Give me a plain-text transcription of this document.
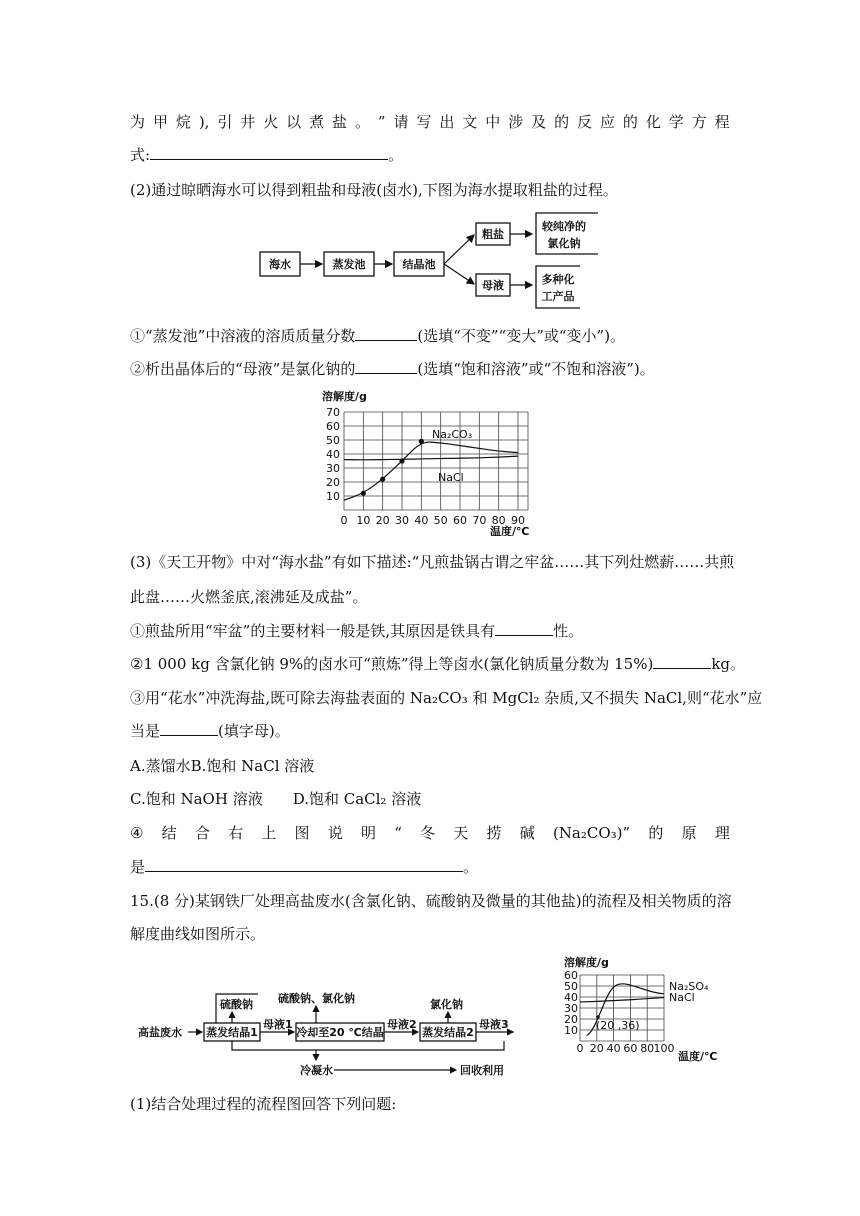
为 甲 烷 ), 引 井 火 以 煮 盐 。 ” 请 写 出 文 中 涉 及 的 反 应 的 化 学 方 程
式:	。
(2)通过晾晒海水可以得到粗盐和母液(卤水),下图为海水提取粗盐的过程。
海水	蒸发池	结晶池
粗盐
母液
较纯净的
氯化钠
多种化
工产品
①“蒸发池”中溶液的溶质质量分数	(选填“不变”“变大”或“变小”)。
②析出晶体后的“母液”是氯化钠的	(选填“饱和溶液”或“不饱和溶液”)。
溶解度/g
0 10 20 30 40 50 60 70 80 90
10
20
30
40
50
60
70
Na₂CO₃
NaCl
温度/℃
(3)《天工开物》中对“海水盐”有如下描述:“凡煎盐锅古谓之牢盆……其下列灶燃薪……共煎
此盘……火燃釜底,滚沸延及成盐”。
①煎盐所用“牢盆”的主要材料一般是铁,其原因是铁具有	性。
②1 000 kg 含氯化钠 9%的卤水可“煎炼”得上等卤水(氯化钠质量分数为 15%)	kg。
③用“花水”冲洗海盐,既可除去海盐表面的 Na₂CO₃ 和 MgCl₂ 杂质,又不损失 NaCl,则“花水”应
当是	(填字母)。
A.蒸馏水B.饱和 NaCl 溶液
C.饱和 NaOH 溶液 D.饱和 CaCl₂ 溶液
④ 结 合 右 上 图 说 明 “ 冬 天 捞 碱 (Na₂CO₃)” 的 原 理
是	。
15.(8 分)某钢铁厂处理高盐废水(含氯化钠、硫酸钠及微量的其他盐)的流程及相关物质的溶
解度曲线如图所示。
高盐废水 蒸发结晶1
母液1
冷却至20 ℃结晶
母液2
蒸发结晶2
母液3
硫酸钠 硫酸钠、氯化钠	氯化钠
冷凝水	回收利用
溶解度/g
0 20 40 60 80 100
10
20
30
40
50
60
(20 ,36)
Na₂SO₄
NaCl
温度/℃
(1)结合处理过程的流程图回答下列问题:
